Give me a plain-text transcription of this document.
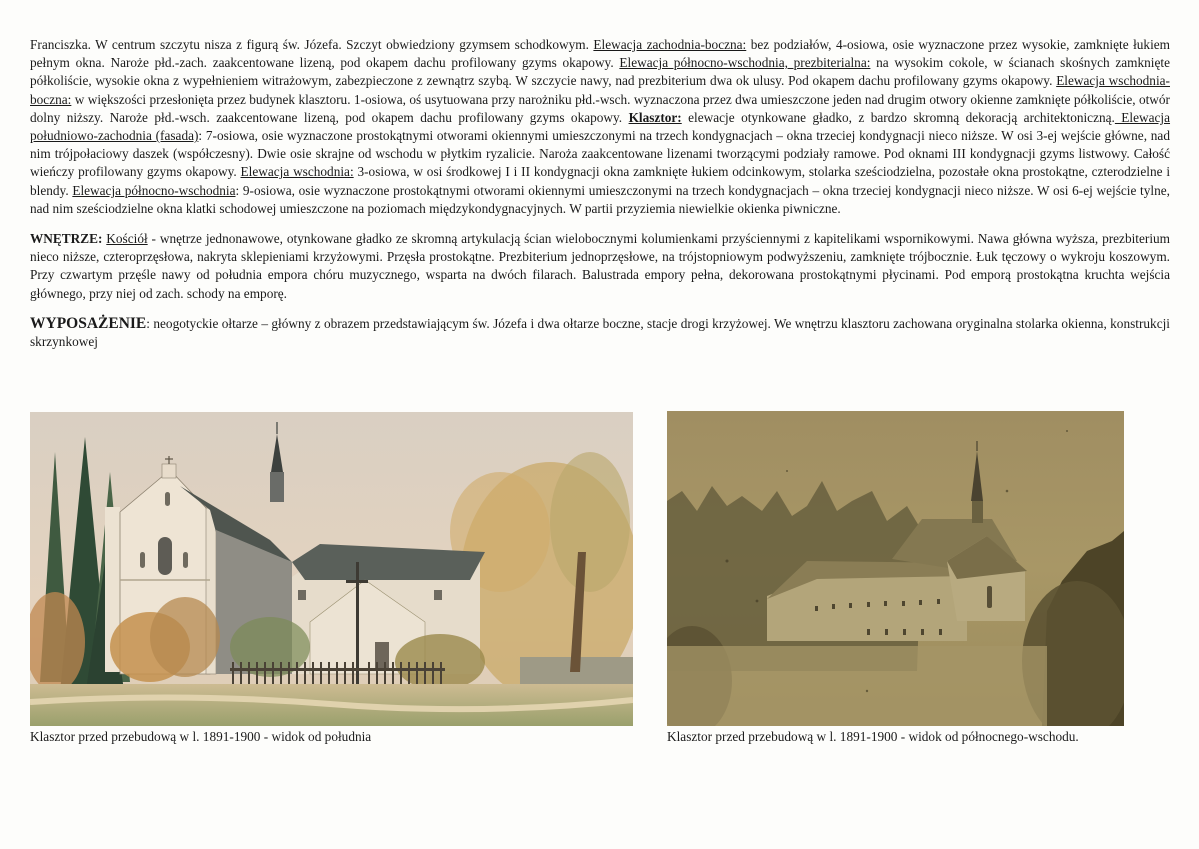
Franciszka. W centrum szczytu nisza z figurą św. Józefa. Szczyt obwiedziony gzymsem schodkowym. Elewacja zachodnia-boczna: bez podziałów, 4-osiowa, osie wyznaczone przez wysokie, zamknięte łukiem pełnym okna. Naroże płd.-zach. zaakcentowane lizeną, pod okapem dachu profilowany gzyms okapowy. Elewacja północno-wschodnia, prezbiterialna: na wysokim cokole, w ścianach skośnych zamknięte półkoliście, wysokie okna z wypełnieniem witrażowym, zabezpieczone z zewnątrz szybą. W szczycie nawy, nad prezbiterium dwa ok ulusy. Pod okapem dachu profilowany gzyms okapowy. Elewacja wschodnia-boczna: w większości przesłonięta przez budynek klasztoru. 1-osiowa, oś usytuowana przy narożniku płd.-wsch. wyznaczona przez dwa umieszczone jeden nad drugim otwory okienne zamknięte półkoliście, otwór dolny niższy. Naroże płd.-wsch. zaakcentowane lizeną, pod okapem dachu profilowany gzyms okapowy. Klasztor: elewacje otynkowane gładko, z bardzo skromną dekoracją architektoniczną. Elewacja południowo-zachodnia (fasada): 7-osiowa, osie wyznaczone prostokątnymi otworami okiennymi umieszczonymi na trzech kondygnacjach – okna trzeciej kondygnacji nieco niższe. W osi 3-ej wejście główne, nad nim trójpołaciowy daszek (współczesny). Dwie osie skrajne od wschodu w płytkim ryzalicie. Naroża zaakcentowane lizenami tworzącymi podziały ramowe. Pod oknami III kondygnacji gzyms listwowy. Całość wieńczy profilowany gzyms okapowy. Elewacja wschodnia: 3-osiowa, w osi środkowej I i II kondygnacji okna zamknięte łukiem odcinkowym, stolarka sześciodzielna, pozostałe okna prostokątne, czterodzielne i blendy. Elewacja północno-wschodnia: 9-osiowa, osie wyznaczone prostokątnymi otworami okiennymi umieszczonymi na trzech kondygnacjach – okna trzeciej kondygnacji nieco niższe. W osi 6-ej wejście tylne, nad nim sześciodzielne okna klatki schodowej umieszczone na poziomach międzykondygnacyjnych. W partii przyziemia niewielkie okienka piwniczne.

WNĘTRZE: Kościół - wnętrze jednonawowe, otynkowane gładko ze skromną artykulacją ścian wielobocznymi kolumienkami przyściennymi z kapitelikami wspornikowymi. Nawa główna wyższa, prezbiterium nieco niższe, czteroprzęsłowa, nakryta sklepieniami krzyżowymi. Przęsła prostokątne. Prezbiterium jednoprzęsłowe, na trójstopniowym podwyższeniu, zamknięte trójbocznie. Łuk tęczowy o wykroju koszowym. Przy czwartym przęśle nawy od południa empora chóru muzycznego, wsparta na dwóch filarach. Balustrada empory pełna, dekorowana prostokątnymi płycinami. Pod emporą prostokątna kruchta wejścia głównego, przy niej od zach. schody na emporę.

WYPOSAŻENIE: neogotyckie ołtarze – główny z obrazem przedstawiającym św. Józefa i dwa ołtarze boczne, stacje drogi krzyżowej. We wnętrzu klasztoru zachowana oryginalna stolarka okienna, konstrukcji skrzynkowej

Klasztor przed przebudową w l. 1891-1900 - widok od południa	Klasztor przed przebudową w l. 1891-1900 - widok od północnego-wschodu.
